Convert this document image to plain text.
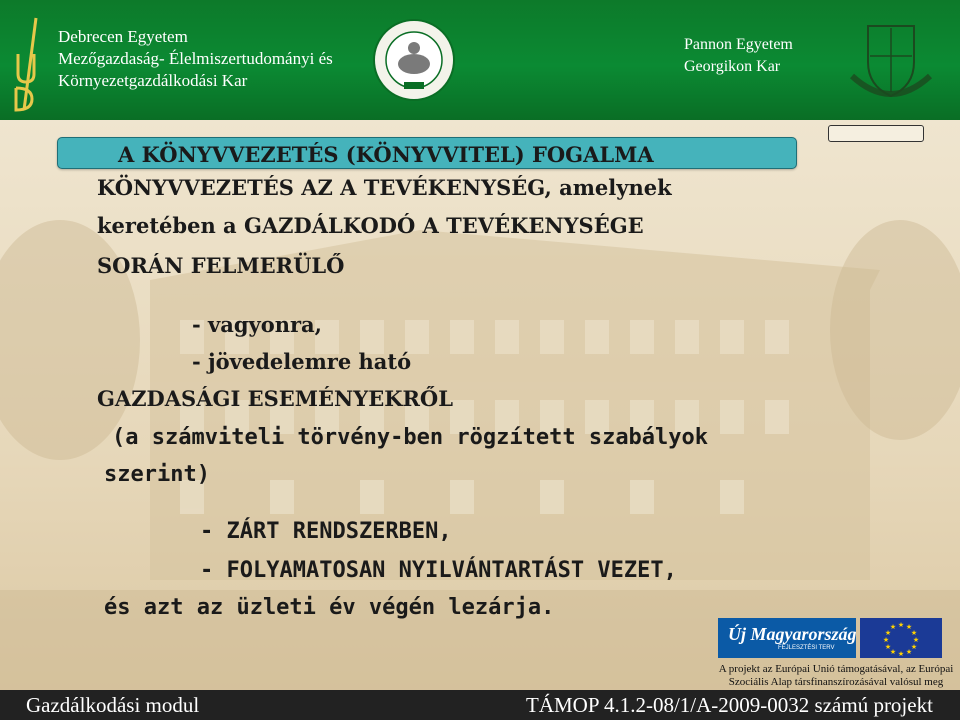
Debrecen Egyetem
Mezőgazdaság- Élelmiszertudományi és
Környezetgazdálkodási Kar
Pannon Egyetem
Georgikon Kar
A KÖNYVVEZETÉS (KÖNYVVITEL) FOGALMA
KÖNYVVEZETÉS AZ A TEVÉKENYSÉG, amelynek
keretében a GAZDÁLKODÓ A TEVÉKENYSÉGE
SORÁN FELMERÜLŐ
- vagyonra,
- jövedelemre ható
GAZDASÁGI ESEMÉNYEKRŐL
(a számviteli törvény-ben rögzített szabályok
szerint)
- ZÁRT RENDSZERBEN,
- FOLYAMATOSAN NYILVÁNTARTÁST VEZET,
és azt az üzleti év végén lezárja.
Új Magyarország
FEJLESZTÉSI TERV
★ ★
★
★
★
★
★
★
★
★
★
★
A projekt az Európai Unió támogatásával, az Európai
Szociális Alap társfinanszírozásával valósul meg
Gazdálkodási modul	TÁMOP 4.1.2-08/1/A-2009-0032 számú projekt
